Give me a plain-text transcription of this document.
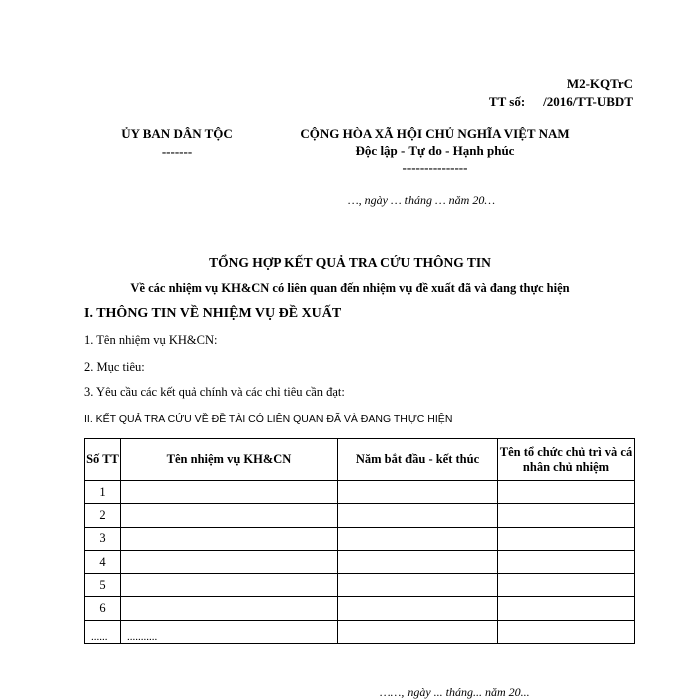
M2-KQTrC
TT số: /2016/TT-UBDT
ỦY BAN DÂN TỘC
-------
CỘNG HÒA XÃ HỘI CHỦ NGHĨA VIỆT NAM
Độc lập - Tự do - Hạnh phúc
---------------
…, ngày … tháng … năm 20…
TỔNG HỢP KẾT QUẢ TRA CỨU THÔNG TIN
Về các nhiệm vụ KH&CN có liên quan đến nhiệm vụ đề xuất đã và đang thực hiện
I. THÔNG TIN VỀ NHIỆM VỤ ĐỀ XUẤT
1. Tên nhiệm vụ KH&CN:
2. Mục tiêu:
3. Yêu cầu các kết quả chính và các chỉ tiêu cần đạt:
II. KẾT QUẢ TRA CỨU VỀ ĐỀ TÀI CÓ LIÊN QUAN ĐÃ VÀ ĐANG THỰC HIỆN
Số TT	Tên nhiệm vụ KH&CN	Năm bắt đầu - kết thúc	Tên tổ chức chủ trì và cá nhân chủ nhiệm
1			
2			
3			
4			
5			
6			
......	...........		
……, ngày ... tháng... năm 20...
